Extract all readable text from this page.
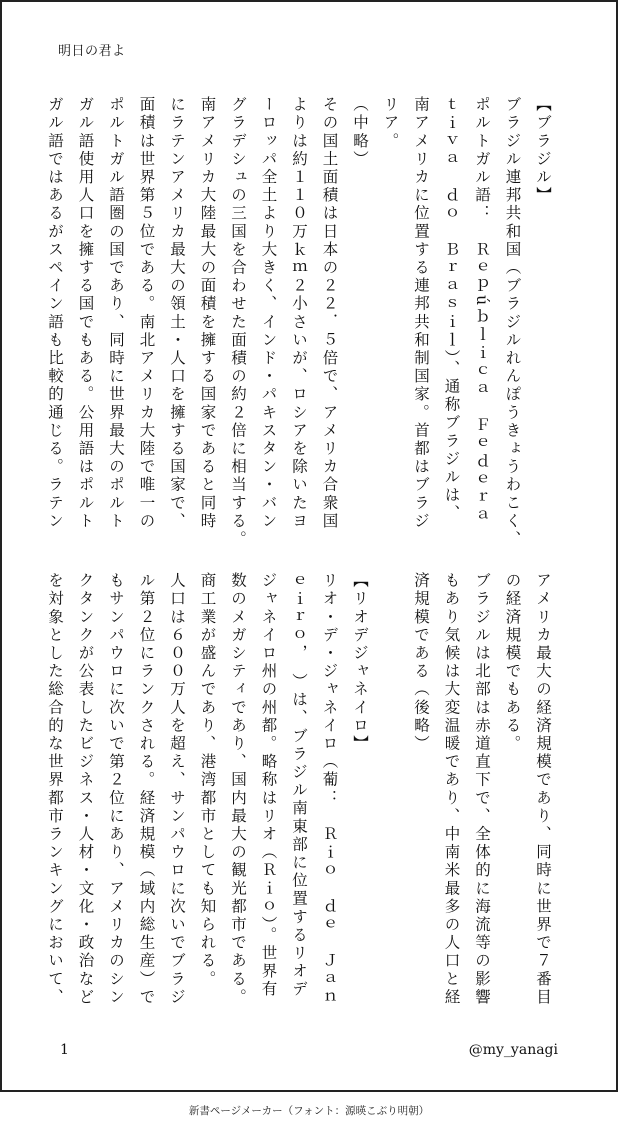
明日の君よ
【ブラジル】
ブラジル連邦共和国（ブラジルれんぽうきょうわこく、
ポルトガル語：　Ｒｅｐúｂｌｉｃａ　Ｆｅｄｅｒａ
ｔｉｖａ　ｄｏ　Ｂｒａｓｉｌ）、通称ブラジルは、
南アメリカに位置する連邦共和制国家。首都はブラジ
リア。
（中略）
その国土面積は日本の２２．５倍で、アメリカ合衆国
よりは約１１０万ｋｍ２小さいが、ロシアを除いたヨ
ーロッパ全土より大きく、インド・パキスタン・バン
グラデシュの三国を合わせた面積の約２倍に相当する。
南アメリカ大陸最大の面積を擁する国家であると同時
にラテンアメリカ最大の領土・人口を擁する国家で、
面積は世界第５位である。南北アメリカ大陸で唯一の
ポルトガル語圏の国であり、同時に世界最大のポルト
ガル語使用人口を擁する国でもある。公用語はポルト
ガル語ではあるがスペイン語も比較的通じる。ラテン
アメリカ最大の経済規模であり、同時に世界で７番目
の経済規模でもある。
ブラジルは北部は赤道直下で、全体的に海流等の影響
もあり気候は大変温暖であり、中南米最多の人口と経
済規模である（後略）

【リオデジャネイロ】
リオ・デ・ジャネイロ（葡：　Ｒｉｏ　ｄｅ　Ｊａｎ
ｅｉｒｏ，　）は、ブラジル南東部に位置するリオデ
ジャネイロ州の州都。略称はリオ（Ｒｉｏ）。世界有
数のメガシティであり、国内最大の観光都市である。
商工業が盛んであり、港湾都市としても知られる。
人口は６００万人を超え、サンパウロに次いでブラジ
ル第２位にランクされる。経済規模（域内総生産）で
もサンパウロに次いで第２位にあり、アメリカのシン
クタンクが公表したビジネス・人材・文化・政治など
を対象とした総合的な世界都市ランキングにおいて、
1	@my_yanagi
新書ページメーカー（フォント：源暎こぶり明朝）
